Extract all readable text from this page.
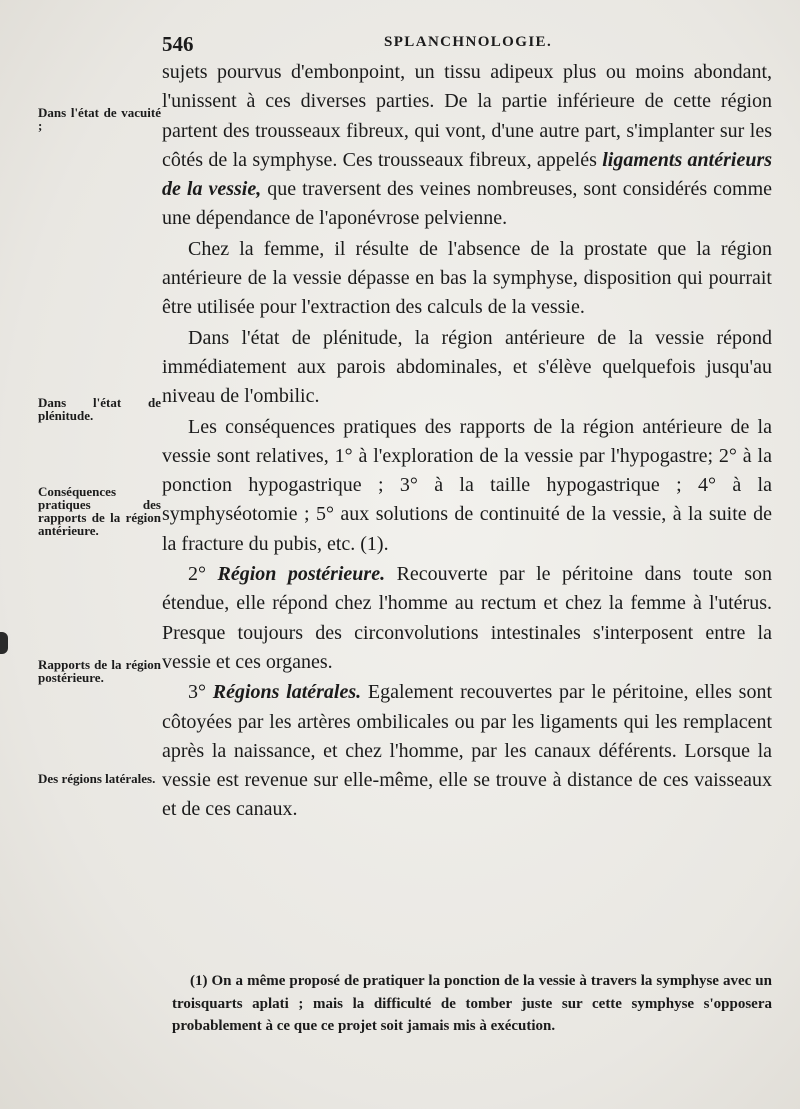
546	SPLANCHNOLOGIE.
Dans l'état de vacuité ;
Dans l'état de plénitude.
Conséquences pratiques des rapports de la région antérieure.
Rapports de la région postérieure.
Des régions latérales.

sujets pourvus d'embonpoint, un tissu adipeux plus ou moins abondant, l'unissent à ces diverses parties. De la partie inférieure de cette région partent des trousseaux fibreux, qui vont, d'une autre part, s'implanter sur les côtés de la symphyse. Ces trousseaux fibreux, appelés ligaments antérieurs de la vessie, que traversent des veines nombreuses, sont considérés comme une dépendance de l'aponévrose pelvienne.

Chez la femme, il résulte de l'absence de la prostate que la région antérieure de la vessie dépasse en bas la symphyse, disposition qui pourrait être utilisée pour l'extraction des calculs de la vessie.

Dans l'état de plénitude, la région antérieure de la vessie répond immédiatement aux parois abdominales, et s'élève quelquefois jusqu'au niveau de l'ombilic.

Les conséquences pratiques des rapports de la région antérieure de la vessie sont relatives, 1° à l'exploration de la vessie par l'hypogastre; 2° à la ponction hypogastrique ; 3° à la taille hypogastrique ; 4° à la symphyséotomie ; 5° aux solutions de continuité de la vessie, à la suite de la fracture du pubis, etc. (1).

2° Région postérieure. Recouverte par le péritoine dans toute son étendue, elle répond chez l'homme au rectum et chez la femme à l'utérus. Presque toujours des circonvolutions intestinales s'interposent entre la vessie et ces organes.

3° Régions latérales. Egalement recouvertes par le péritoine, elles sont côtoyées par les artères ombilicales ou par les ligaments qui les remplacent après la naissance, et chez l'homme, par les canaux déférents. Lorsque la vessie est revenue sur elle-même, elle se trouve à distance de ces vaisseaux et de ces canaux.

(1) On a même proposé de pratiquer la ponction de la vessie à travers la symphyse avec un troisquarts aplati ; mais la difficulté de tomber juste sur cette symphyse s'opposera probablement à ce que ce projet soit jamais mis à exécution.
